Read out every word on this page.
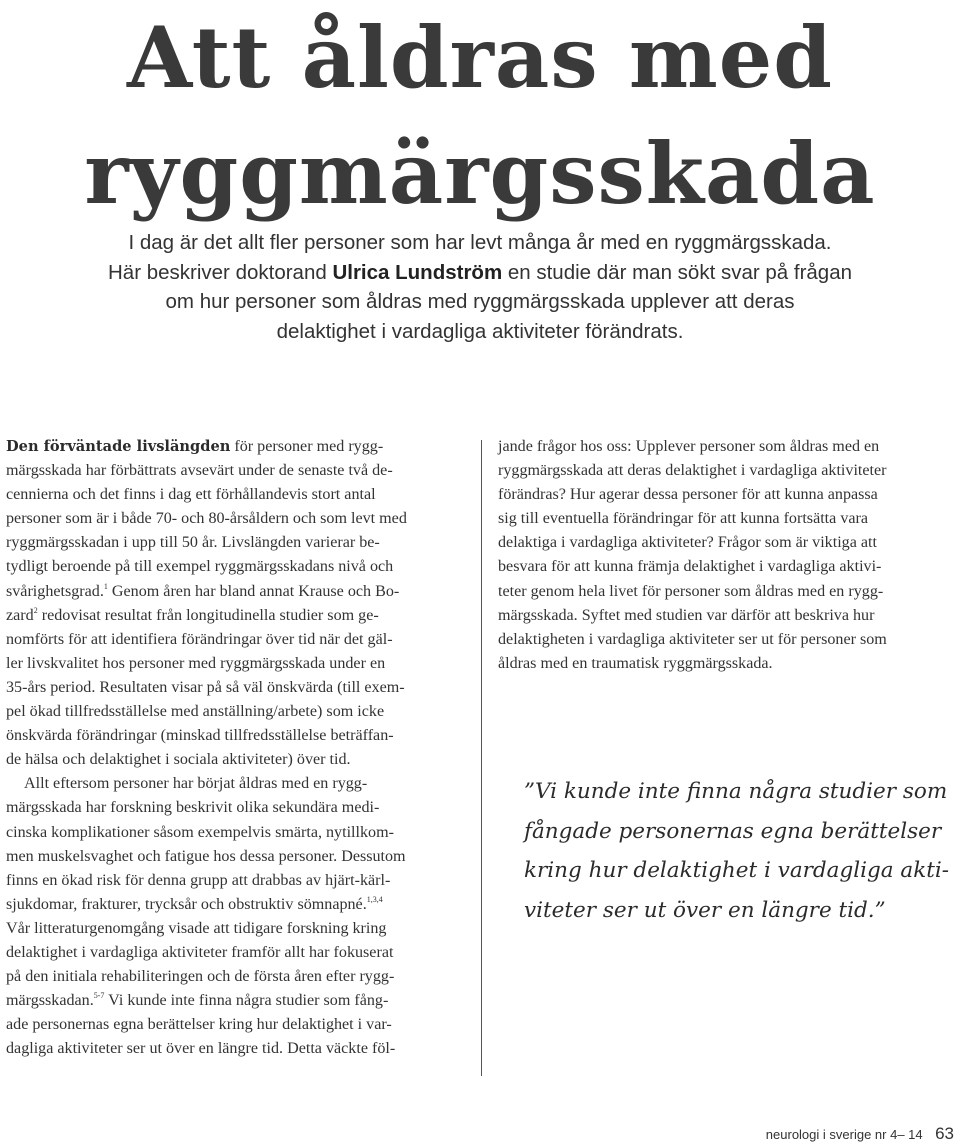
Att åldras med
ryggmärgsskada
I dag är det allt fler personer som har levt många år med en ryggmärgsskada.
Här beskriver doktorand Ulrica Lundström en studie där man sökt svar på frågan
om hur personer som åldras med ryggmärgsskada upplever att deras
delaktighet i vardagliga aktiviteter förändrats.
Den förväntade livslängden för personer med rygg-
märgsskada har förbättrats avsevärt under de senaste två de-
cennierna och det finns i dag ett förhållandevis stort antal
personer som är i både 70- och 80-årsåldern och som levt med
ryggmärgsskadan i upp till 50 år. Livslängden varierar be-
tydligt beroende på till exempel ryggmärgsskadans nivå och
svårighetsgrad.$^1$ Genom åren har bland annat Krause och Bo-
zard$^2$ redovisat resultat från longitudinella studier som ge-
nomförts för att identifiera förändringar över tid när det gäl-
ler livskvalitet hos personer med ryggmärgsskada under en
35-års period. Resultaten visar på så väl önskvärda (till exem-
pel ökad tillfredsställelse med anställning/arbete) som icke
önskvärda förändringar (minskad tillfredsställelse beträffan-
de hälsa och delaktighet i sociala aktiviteter) över tid.
Allt eftersom personer har börjat åldras med en rygg-
märgsskada har forskning beskrivit olika sekundära medi-
cinska komplikationer såsom exempelvis smärta, nytillkom-
men muskelsvaghet och fatigue hos dessa personer. Dessutom
finns en ökad risk för denna grupp att drabbas av hjärt-kärl-
sjukdomar, frakturer, trycksår och obstruktiv sömnapné.$^{1,3,4}$
Vår litteraturgenomgång visade att tidigare forskning kring
delaktighet i vardagliga aktiviteter framför allt har fokuserat
på den initiala rehabiliteringen och de första åren efter rygg-
märgsskadan.$^{5-7}$ Vi kunde inte finna några studier som fång-
ade personernas egna berättelser kring hur delaktighet i var-
dagliga aktiviteter ser ut över en längre tid. Detta väckte föl-
jande frågor hos oss: Upplever personer som åldras med en
ryggmärgsskada att deras delaktighet i vardagliga aktiviteter
förändras? Hur agerar dessa personer för att kunna anpassa
sig till eventuella förändringar för att kunna fortsätta vara
delaktiga i vardagliga aktiviteter? Frågor som är viktiga att
besvara för att kunna främja delaktighet i vardagliga aktivi-
teter genom hela livet för personer som åldras med en rygg-
märgsskada. Syftet med studien var därför att beskriva hur
delaktigheten i vardagliga aktiviteter ser ut för personer som
åldras med en traumatisk ryggmärgsskada.
”Vi kunde inte finna några studier som
fångade personernas egna berättelser
kring hur delaktighet i vardagliga akti-
viteter ser ut över en längre tid.”
neurologi i sverige nr 4– 14 63
